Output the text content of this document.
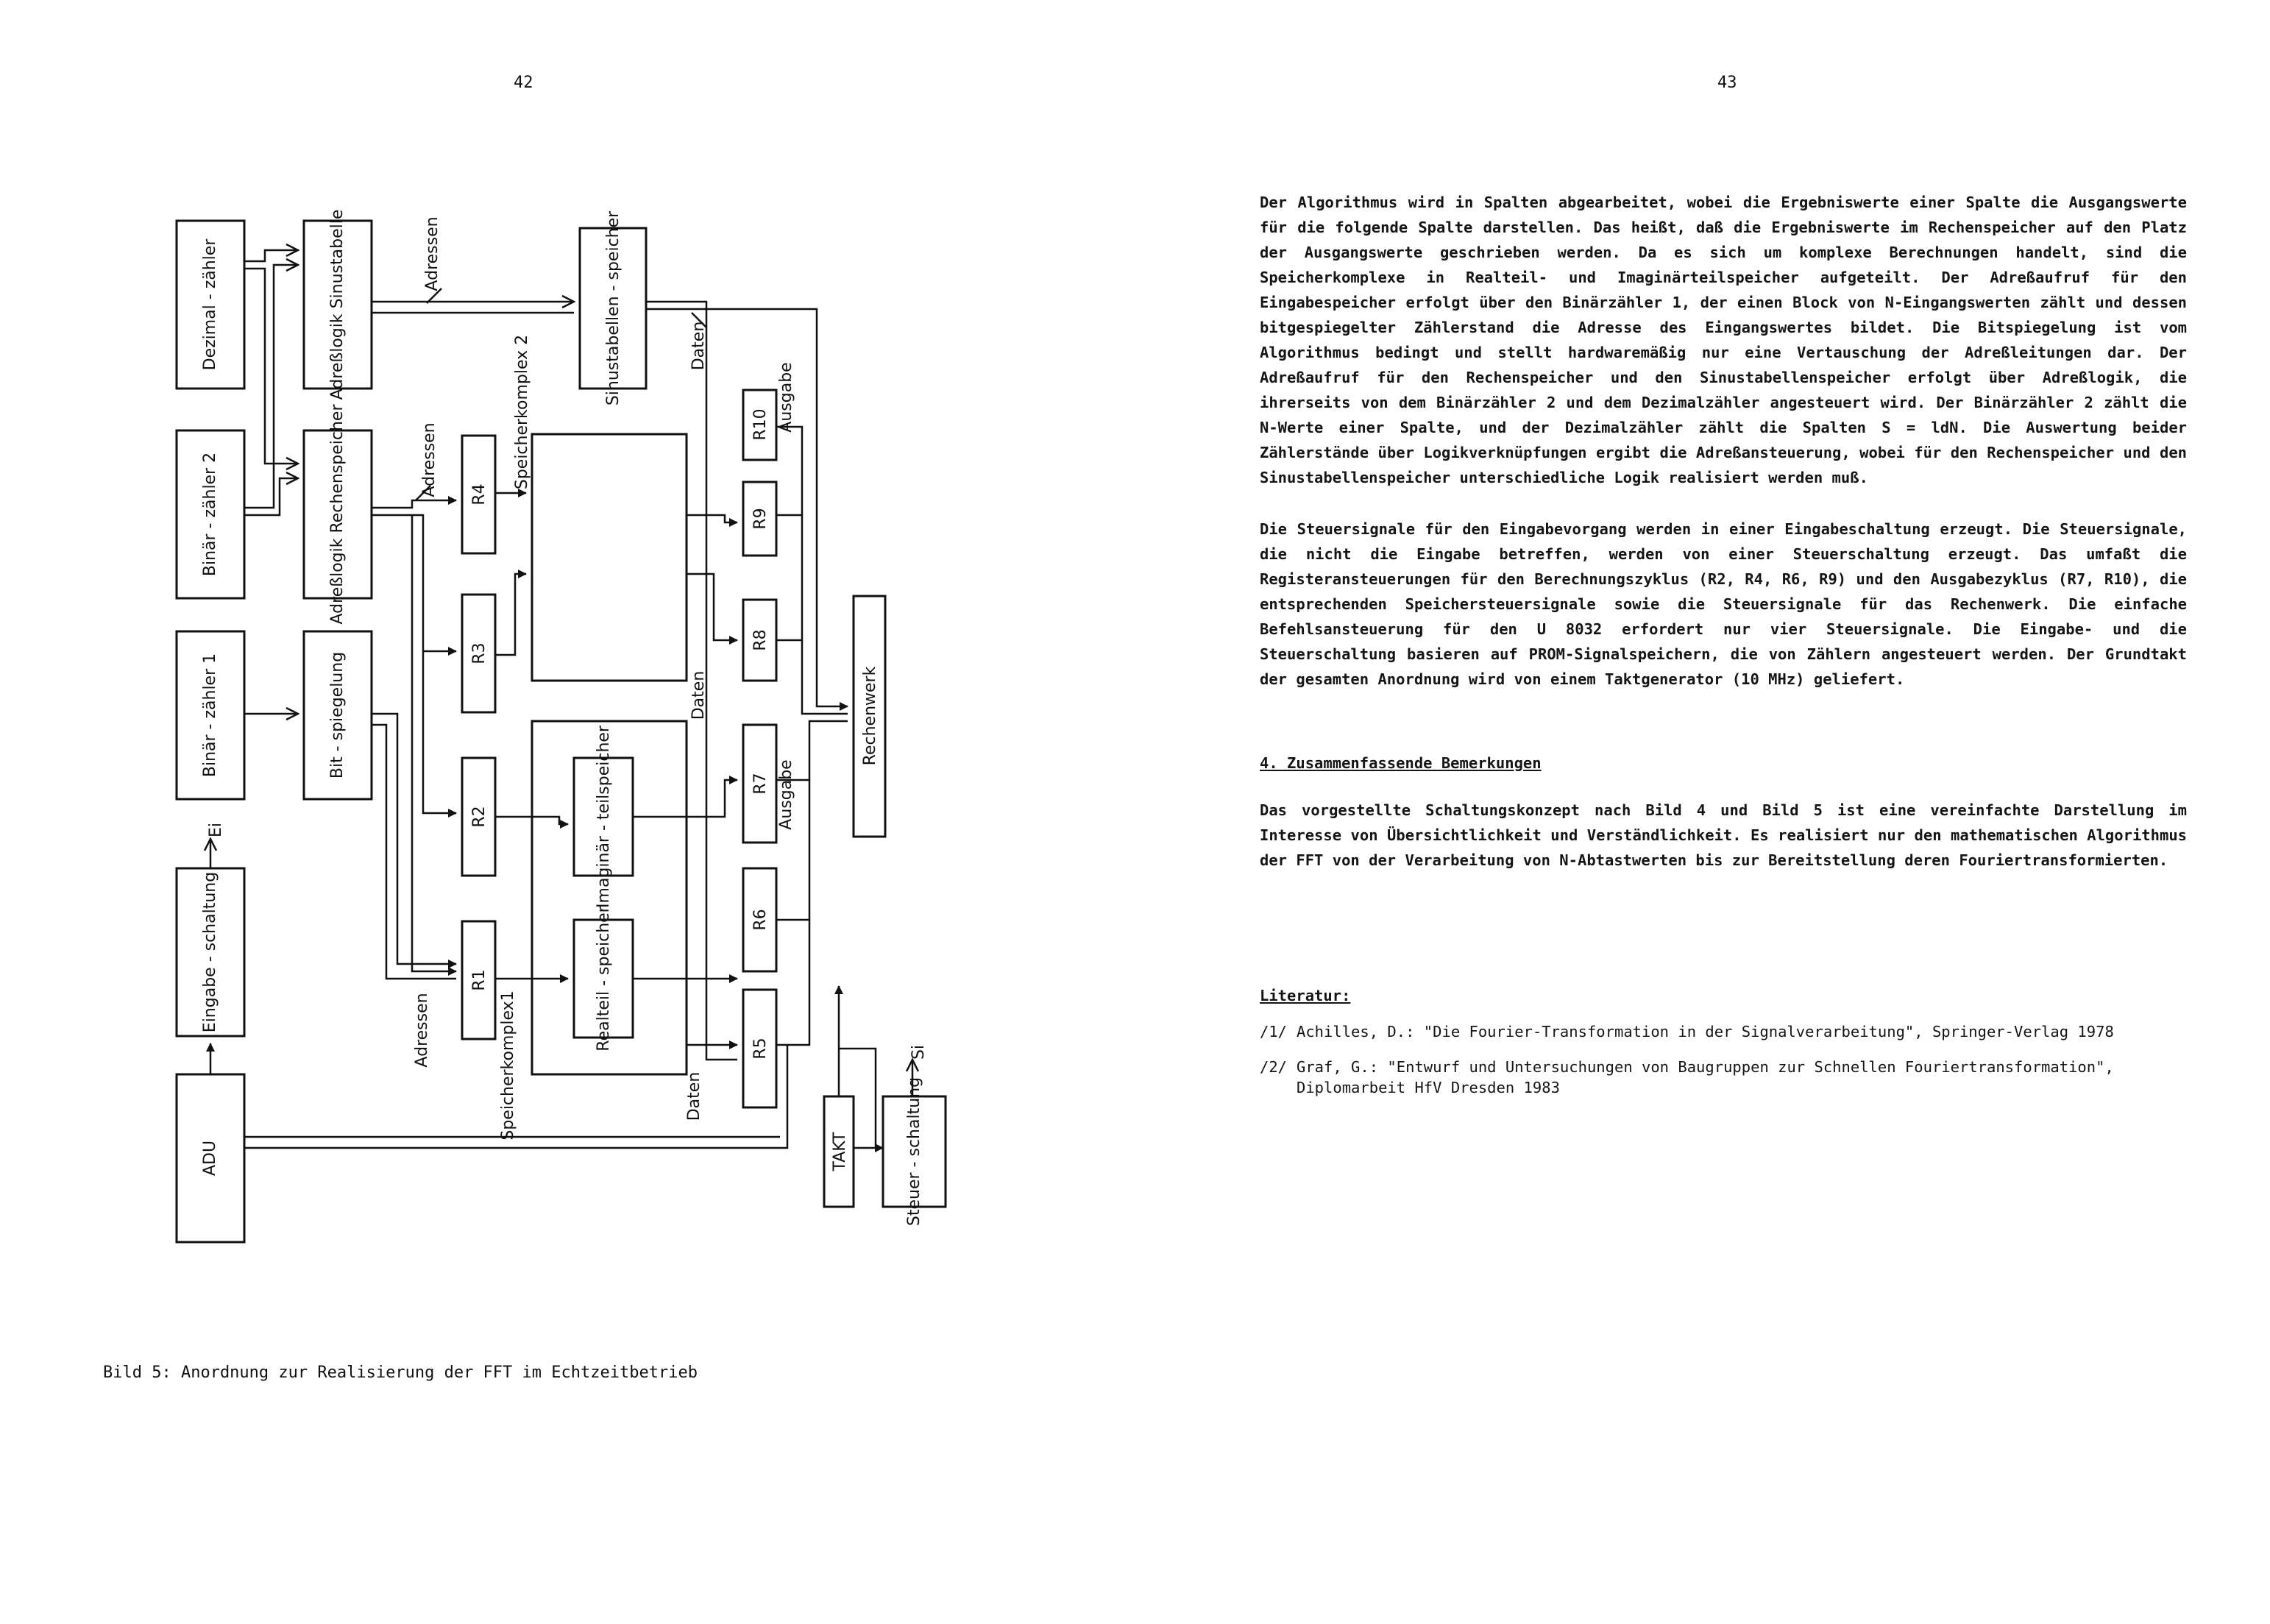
42	43
Dezimal - zähler
Binär - zähler 2
Binär - zähler 1
Eingabe - schaltung
ADU
Adreßlogik Sinustabelle
Adreßlogik Rechenspeicher
Bit - spiegelung
Sinustabellen - speicher
Imaginär - teilspeicher
Realteil - speicher
Rechenwerk
TAKT	Steuer - schaltung
R4
R3
R2
R1
R10
R9
R8
R7
R6
R5
Adressen
Adressen
Adressen
Speicherkomplex 2
Speicherkomplex1
Daten
Daten
Daten
Ausgabe
Ausgabe
Ei
Si
Bild 5: Anordnung zur Realisierung der FFT im Echtzeitbetrieb

Der Algorithmus wird in Spalten abgearbeitet, wobei die Ergebniswerte einer Spalte die Ausgangswerte für die folgende Spalte darstellen. Das heißt, daß die Ergebniswerte im Rechenspeicher auf den Platz der Ausgangswerte geschrieben werden. Da es sich um komplexe Berechnungen handelt, sind die Speicherkomplexe in Realteil- und Imaginärteilspeicher aufgeteilt. Der Adreßaufruf für den Eingabespeicher erfolgt über den Binärzähler 1, der einen Block von N-Eingangswerten zählt und dessen bitgespiegelter Zählerstand die Adresse des Eingangswertes bildet. Die Bitspiegelung ist vom Algorithmus bedingt und stellt hardwaremäßig nur eine Vertauschung der Adreßleitungen dar. Der Adreßaufruf für den Rechenspeicher und den Sinustabellenspeicher erfolgt über Adreßlogik, die ihrerseits von dem Binärzähler 2 und dem Dezimalzähler angesteuert wird. Der Binärzähler 2 zählt die N-Werte einer Spalte, und der Dezimalzähler zählt die Spalten S = ldN. Die Auswertung beider Zählerstände über Logikverknüpfungen ergibt die Adreßansteuerung, wobei für den Rechenspeicher und den Sinustabellenspeicher unterschiedliche Logik realisiert werden muß.

Die Steuersignale für den Eingabevorgang werden in einer Eingabeschaltung erzeugt. Die Steuersignale, die nicht die Eingabe betreffen, werden von einer Steuerschaltung erzeugt. Das umfaßt die Registeransteuerungen für den Berechnungszyklus (R2, R4, R6, R9) und den Ausgabezyklus (R7, R10), die entsprechenden Speichersteuersignale sowie die Steuersignale für das Rechenwerk. Die einfache Befehlsansteuerung für den U 8032 erfordert nur vier Steuersignale. Die Eingabe- und die Steuerschaltung basieren auf PROM-Signalspeichern, die von Zählern angesteuert werden. Der Grundtakt der gesamten Anordnung wird von einem Taktgenerator (10 MHz) geliefert.

4. Zusammenfassende Bemerkungen

Das vorgestellte Schaltungskonzept nach Bild 4 und Bild 5 ist eine vereinfachte Darstellung im Interesse von Übersichtlichkeit und Verständlichkeit. Es realisiert nur den mathematischen Algorithmus der FFT von der Verarbeitung von N-Abtastwerten bis zur Bereitstellung deren Fouriertransformierten.

Literatur:
/1/ Achilles, D.: "Die Fourier-Transformation in der Signalverarbeitung", Springer-Verlag 1978
/2/ Graf, G.: "Entwurf und Untersuchungen von Baugruppen zur Schnellen Fouriertransformation", Diplomarbeit HfV Dresden 1983
